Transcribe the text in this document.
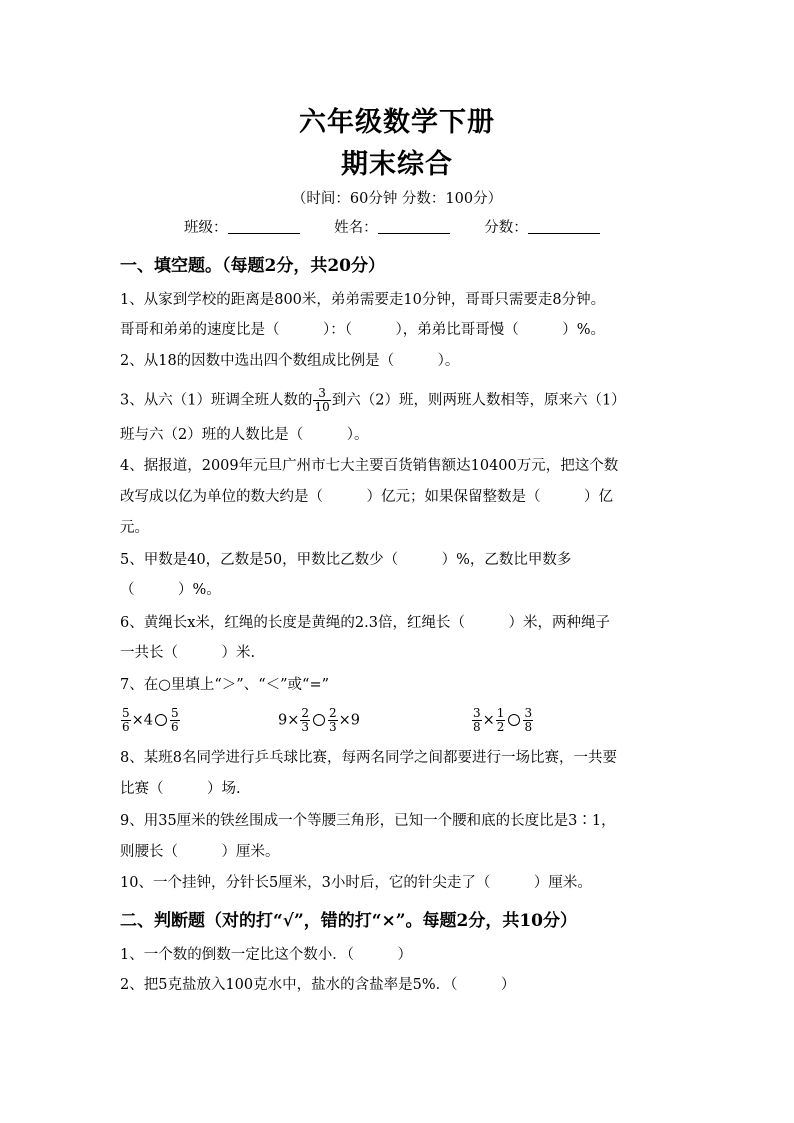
六年级数学下册
期末综合
（时间：60分钟 分数：100分）
班级：	姓名：	分数：
一、填空题。（每题2分，共20分）
1、从家到学校的距离是800米，弟弟需要走10分钟，哥哥只需要走8分钟。
哥哥和弟弟的速度比是（　　　）：（　　　），弟弟比哥哥慢（　　　）%。
2、从18的因数中选出四个数组成比例是（　　　）。
3、从六（1）班调全班人数的 $\frac{3}{10}$ 到六（2）班，则两班人数相等，原来六（1）
班与六（2）班的人数比是（　　　）。
4、据报道，2009年元旦广州市七大主要百货销售额达10400万元，把这个数
改写成以亿为单位的数大约是（　　　）亿元；如果保留整数是（　　　）亿
元。
5、甲数是40，乙数是50，甲数比乙数少（　　　）%，乙数比甲数多
（　　　）%。
6、黄绳长x米，红绳的长度是黄绳的2.3倍，红绳长（　　　）米，两种绳子
一共长（　　　）米.
7、在○里填上“＞”、“＜”或“=”
$\frac{5}{6} \times 4 \frac{5}{6}$	$9\times \frac{2}{3} \frac{2}{3} \times 9$	$\frac{3}{8} \times \frac{1}{2} \frac{3}{8}$
8、某班8名同学进行乒乓球比赛，每两名同学之间都要进行一场比赛，一共要
比赛（　　　）场.
9、用35厘米的铁丝围成一个等腰三角形，已知一个腰和底的长度比是3∶1，
则腰长（　　　）厘米。
10、一个挂钟，分针长5厘米，3小时后，它的针尖走了（　　　）厘米。
二、判断题（对的打“√”，错的打“×”。每题2分，共10分）
1、一个数的倒数一定比这个数小．（　　　）
2、把5克盐放入100克水中，盐水的含盐率是5%．（　　　）
